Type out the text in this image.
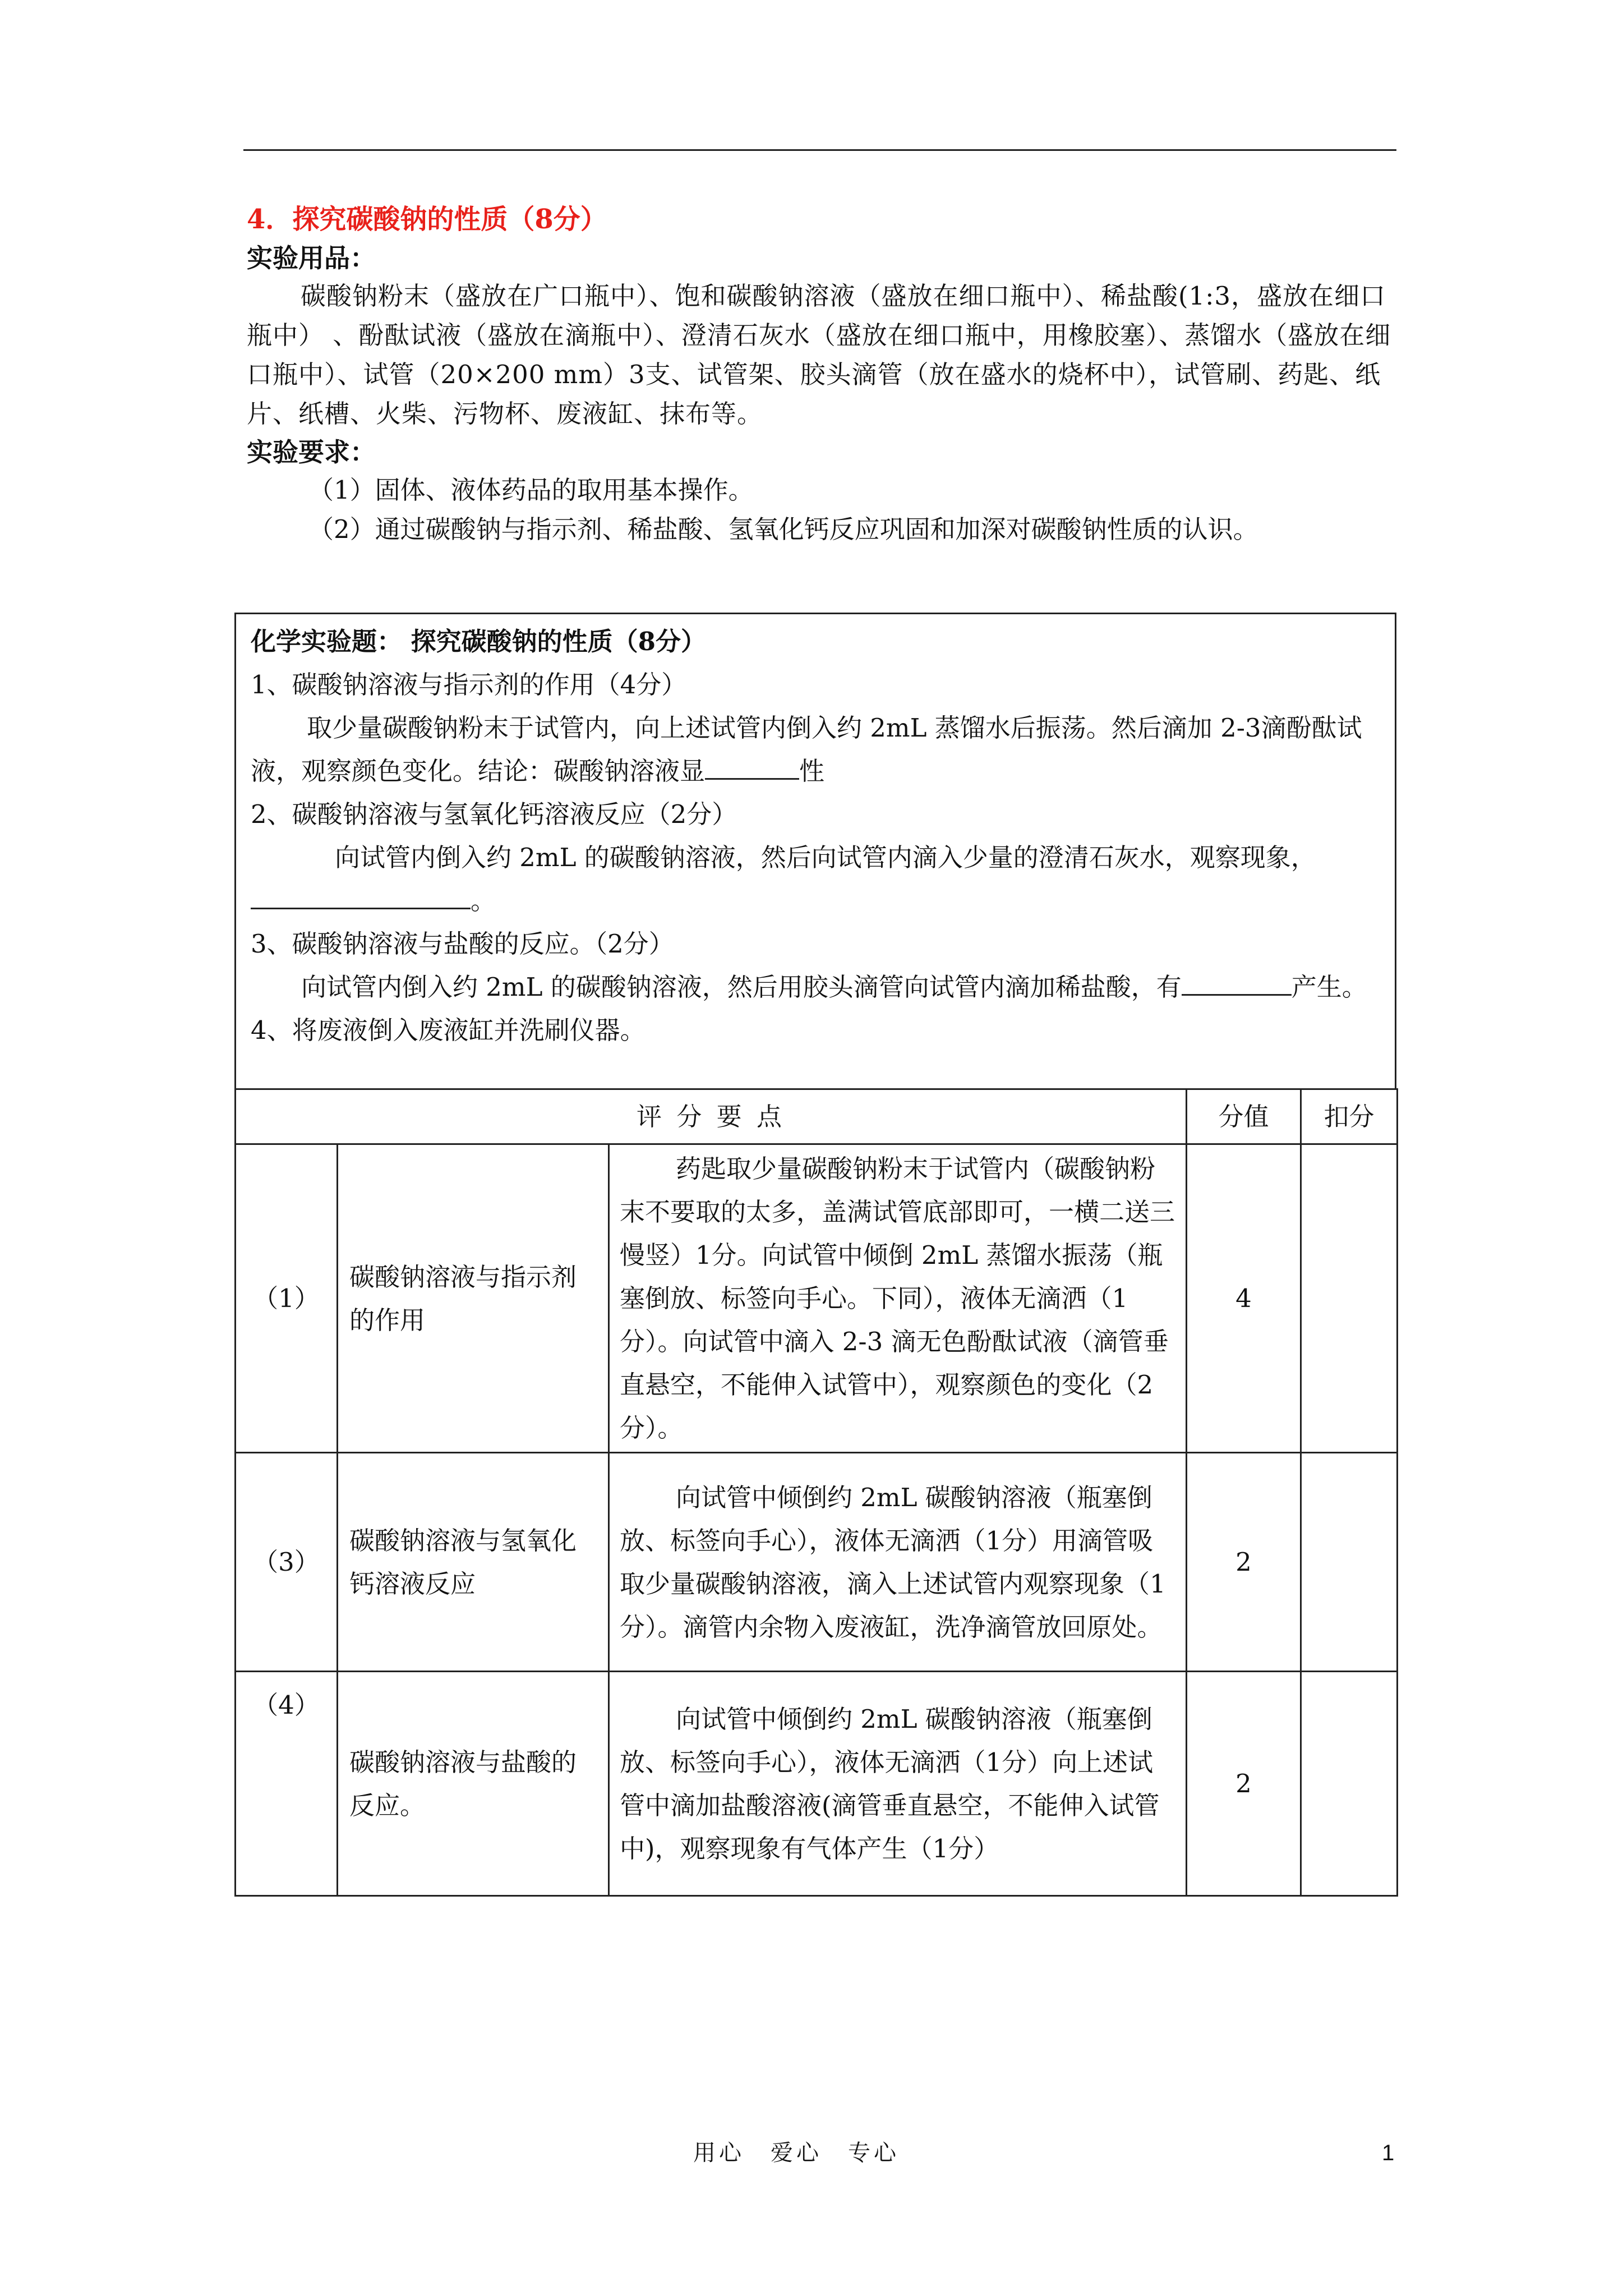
4．探究碳酸钠的性质（8分）

实验用品：

碳酸钠粉末（盛放在广口瓶中）、饱和碳酸钠溶液（盛放在细口瓶中）、稀盐酸(1:3，盛放在细口瓶中） 、酚酞试液（盛放在滴瓶中）、澄清石灰水（盛放在细口瓶中，用橡胶塞）、蒸馏水（盛放在细口瓶中）、试管（20×200 mm）3支、试管架、胶头滴管（放在盛水的烧杯中），试管刷、药匙、纸片、纸槽、火柴、污物杯、废液缸、抹布等。

实验要求：

（1）固体、液体药品的取用基本操作。

（2）通过碳酸钠与指示剂、稀盐酸、氢氧化钙反应巩固和加深对碳酸钠性质的认识。

化学实验题： 探究碳酸钠的性质（8分）

1、碳酸钠溶液与指示剂的作用（4分）

取少量碳酸钠粉末于试管内，向上述试管内倒入约 2mL 蒸馏水后振荡。然后滴加 2-3滴酚酞试液，观察颜色变化。结论：碳酸钠溶液显	性

2、碳酸钠溶液与氢氧化钙溶液反应（2分）

向试管内倒入约 2mL 的碳酸钠溶液，然后向试管内滴入少量的澄清石灰水，观察现象，。

3、碳酸钠溶液与盐酸的反应。（2分）

向试管内倒入约 2mL 的碳酸钠溶液，然后用胶头滴管向试管内滴加稀盐酸，有	产生。

4、将废液倒入废液缸并洗刷仪器。

评 分 要 点			分值	扣分
（1）	碳酸钠溶液与指示剂的作用	药匙取少量碳酸钠粉末于试管内（碳酸钠粉末不要取的太多，盖满试管底部即可，一横二送三慢竖）1分。向试管中倾倒 2mL 蒸馏水振荡（瓶塞倒放、标签向手心。下同），液体无滴洒（1分）。向试管中滴入 2-3 滴无色酚酞试液（滴管垂直悬空，不能伸入试管中），观察颜色的变化（2分）。	4	
（3）	碳酸钠溶液与氢氧化钙溶液反应	向试管中倾倒约 2mL 碳酸钠溶液（瓶塞倒放、标签向手心），液体无滴洒（1分）用滴管吸取少量碳酸钠溶液，滴入上述试管内观察现象（1分）。滴管内余物入废液缸，洗净滴管放回原处。	2	
（4）	碳酸钠溶液与盐酸的反应。	向试管中倾倒约 2mL 碳酸钠溶液（瓶塞倒放、标签向手心），液体无滴洒（1分）向上述试管中滴加盐酸溶液(滴管垂直悬空，不能伸入试管中)，观察现象有气体产生（1分）	2	
用心　爱心　专心	1
